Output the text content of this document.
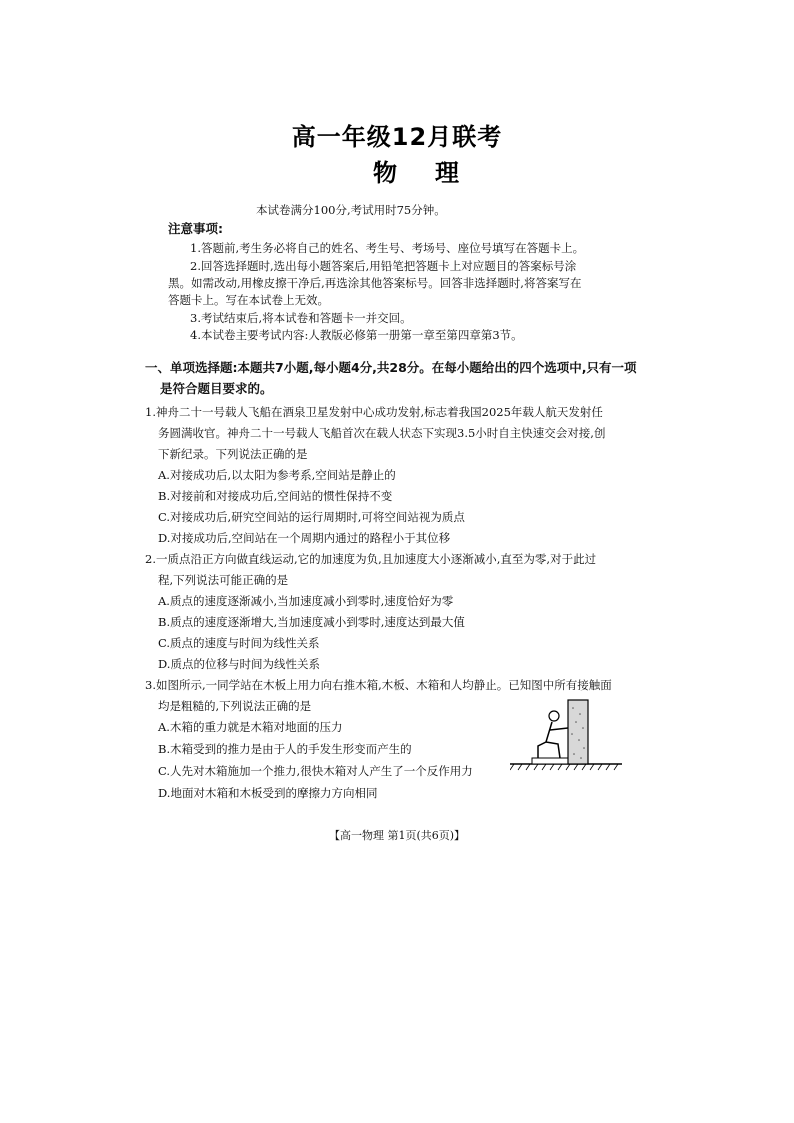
高一年级12月联考
物理
本试卷满分100分,考试用时75分钟。
注意事项:
1.答题前,考生务必将自己的姓名、考生号、考场号、座位号填写在答题卡上。
2.回答选择题时,选出每小题答案后,用铅笔把答题卡上对应题目的答案标号涂
黑。如需改动,用橡皮擦干净后,再选涂其他答案标号。回答非选择题时,将答案写在
答题卡上。写在本试卷上无效。
3.考试结束后,将本试卷和答题卡一并交回。
4.本试卷主要考试内容:人教版必修第一册第一章至第四章第3节。
一、单项选择题:本题共7小题,每小题4分,共28分。在每小题给出的四个选项中,只有一项
是符合题目要求的。
1.神舟二十一号载人飞船在酒泉卫星发射中心成功发射,标志着我国2025年载人航天发射任
务圆满收官。神舟二十一号载人飞船首次在载人状态下实现3.5小时自主快速交会对接,创
下新纪录。下列说法正确的是
A.对接成功后,以太阳为参考系,空间站是静止的
B.对接前和对接成功后,空间站的惯性保持不变
C.对接成功后,研究空间站的运行周期时,可将空间站视为质点
D.对接成功后,空间站在一个周期内通过的路程小于其位移
2.一质点沿正方向做直线运动,它的加速度为负,且加速度大小逐渐减小,直至为零,对于此过
程,下列说法可能正确的是
A.质点的速度逐渐减小,当加速度减小到零时,速度恰好为零
B.质点的速度逐渐增大,当加速度减小到零时,速度达到最大值
C.质点的速度与时间为线性关系
D.质点的位移与时间为线性关系
3.如图所示,一同学站在木板上用力向右推木箱,木板、木箱和人均静止。已知图中所有接触面
均是粗糙的,下列说法正确的是
A.木箱的重力就是木箱对地面的压力
B.木箱受到的推力是由于人的手发生形变而产生的
C.人先对木箱施加一个推力,很快木箱对人产生了一个反作用力
D.地面对木箱和木板受到的摩擦力方向相同
【高一物理 第1页(共6页)】
